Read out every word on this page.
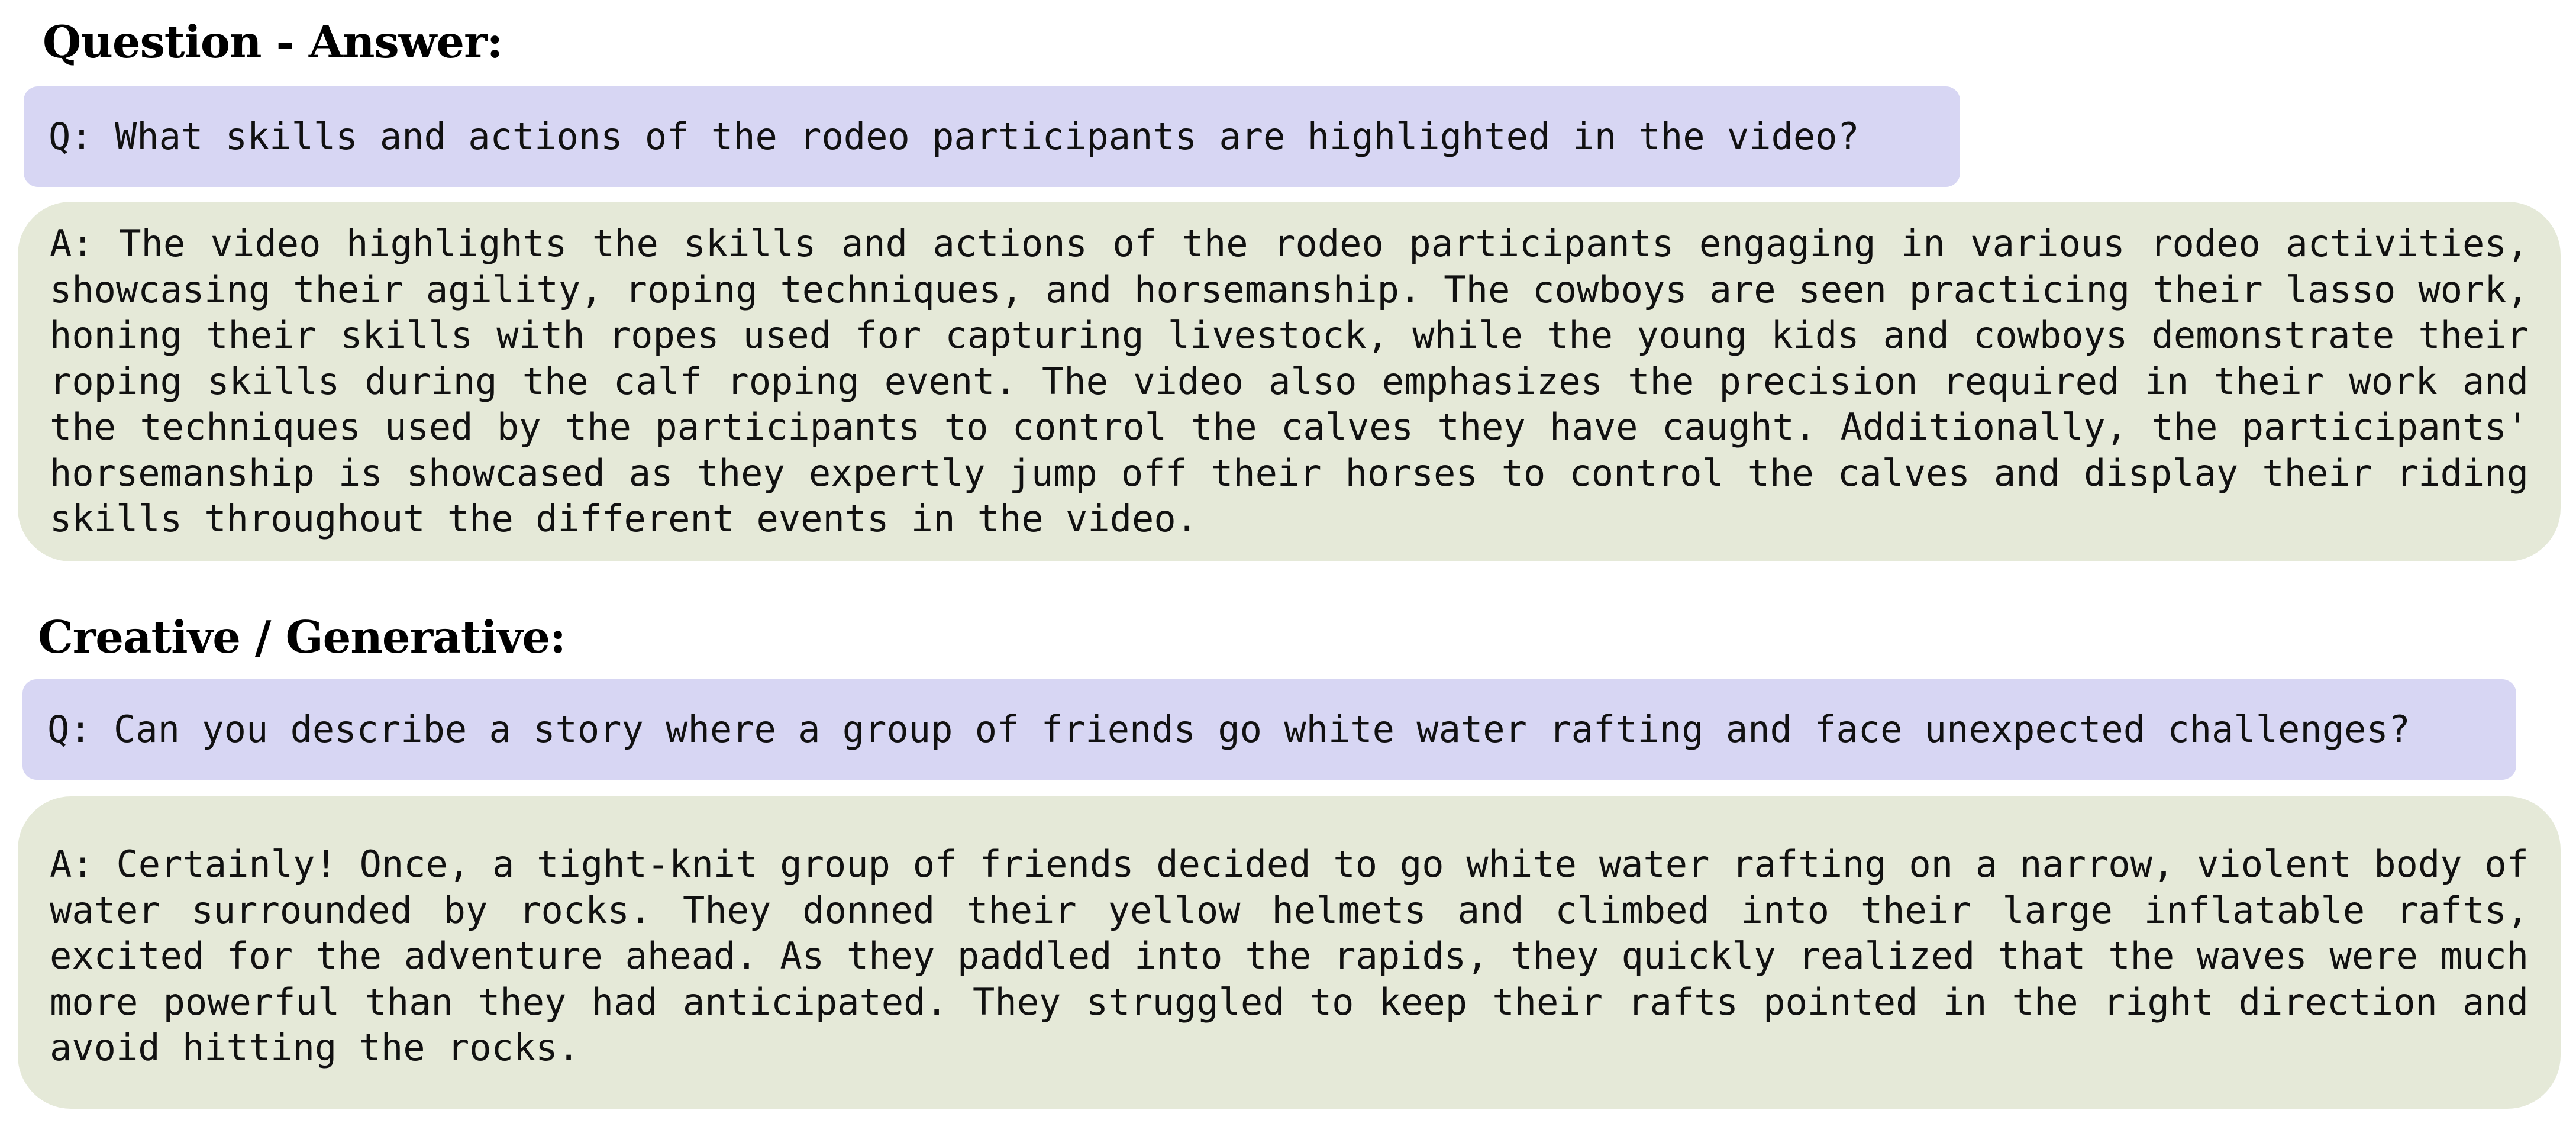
Question - Answer:
Q: What skills and actions of the rodeo participants are highlighted in the video?
A: The video highlights the skills and actions of the rodeo participants engaging in various rodeo activities, showcasing their agility, roping techniques, and horsemanship. The cowboys are seen practicing their lasso work, honing their skills with ropes used for capturing livestock, while the young kids and cowboys demonstrate their roping skills during the calf roping event. The video also emphasizes the precision required in their work and the techniques used by the participants to control the calves they have caught. Additionally, the participants' horsemanship is showcased as they expertly jump off their horses to control the calves and display their riding skills throughout the different events in the video.
Creative / Generative:
Q: Can you describe a story where a group of friends go white water rafting and face unexpected challenges?
A: Certainly! Once, a tight-knit group of friends decided to go white water rafting on a narrow, violent body of water surrounded by rocks. They donned their yellow helmets and climbed into their large inflatable rafts, excited for the adventure ahead. As they paddled into the rapids, they quickly realized that the waves were much more powerful than they had anticipated. They struggled to keep their rafts pointed in the right direction and avoid hitting the rocks.
